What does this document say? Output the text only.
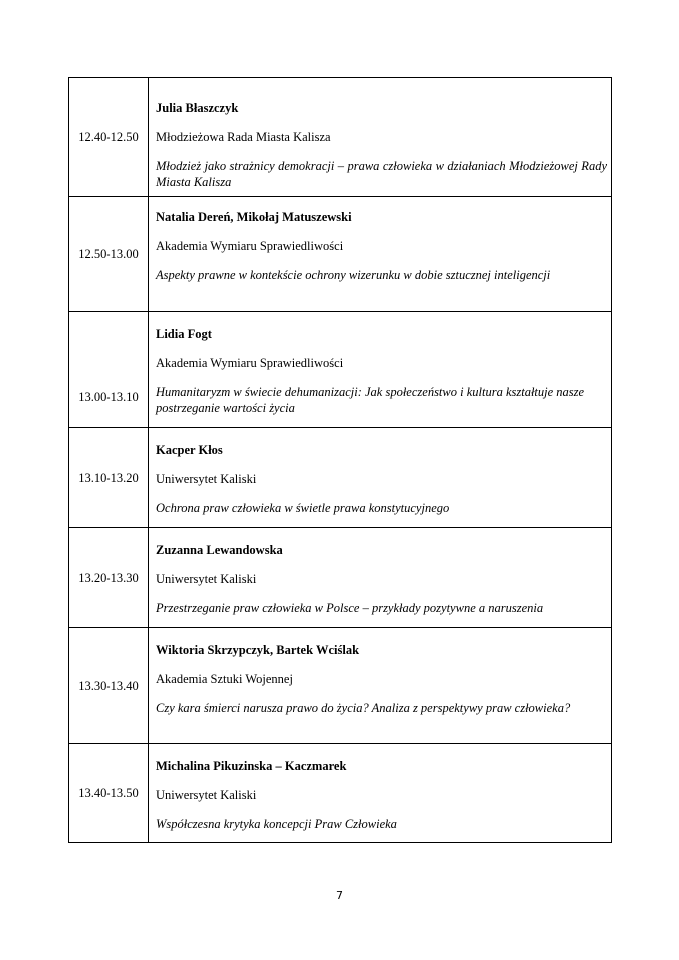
12.40-12.50	Julia Błaszczyk

Młodzieżowa Rada Miasta Kalisza

Młodzież jako strażnicy demokracji – prawa człowieka w działaniach Młodzieżowej Rady Miasta Kalisza

12.50-13.00	Natalia Dereń, Mikołaj Matuszewski

Akademia Wymiaru Sprawiedliwości

Aspekty prawne w kontekście ochrony wizerunku w dobie sztucznej inteligencji

13.00-13.10	Lidia Fogt

Akademia Wymiaru Sprawiedliwości

Humanitaryzm w świecie dehumanizacji: Jak społeczeństwo i kultura kształtuje nasze postrzeganie wartości życia

13.10-13.20	Kacper Kłos

Uniwersytet Kaliski

Ochrona praw człowieka w świetle prawa konstytucyjnego

13.20-13.30	Zuzanna Lewandowska

Uniwersytet Kaliski

Przestrzeganie praw człowieka w Polsce – przykłady pozytywne a naruszenia

13.30-13.40	Wiktoria Skrzypczyk, Bartek Wciślak

Akademia Sztuki Wojennej

Czy kara śmierci narusza prawo do życia? Analiza z perspektywy praw człowieka?

13.40-13.50	Michalina Pikuzinska – Kaczmarek

Uniwersytet Kaliski

Współczesna krytyka koncepcji Praw Człowieka

7
